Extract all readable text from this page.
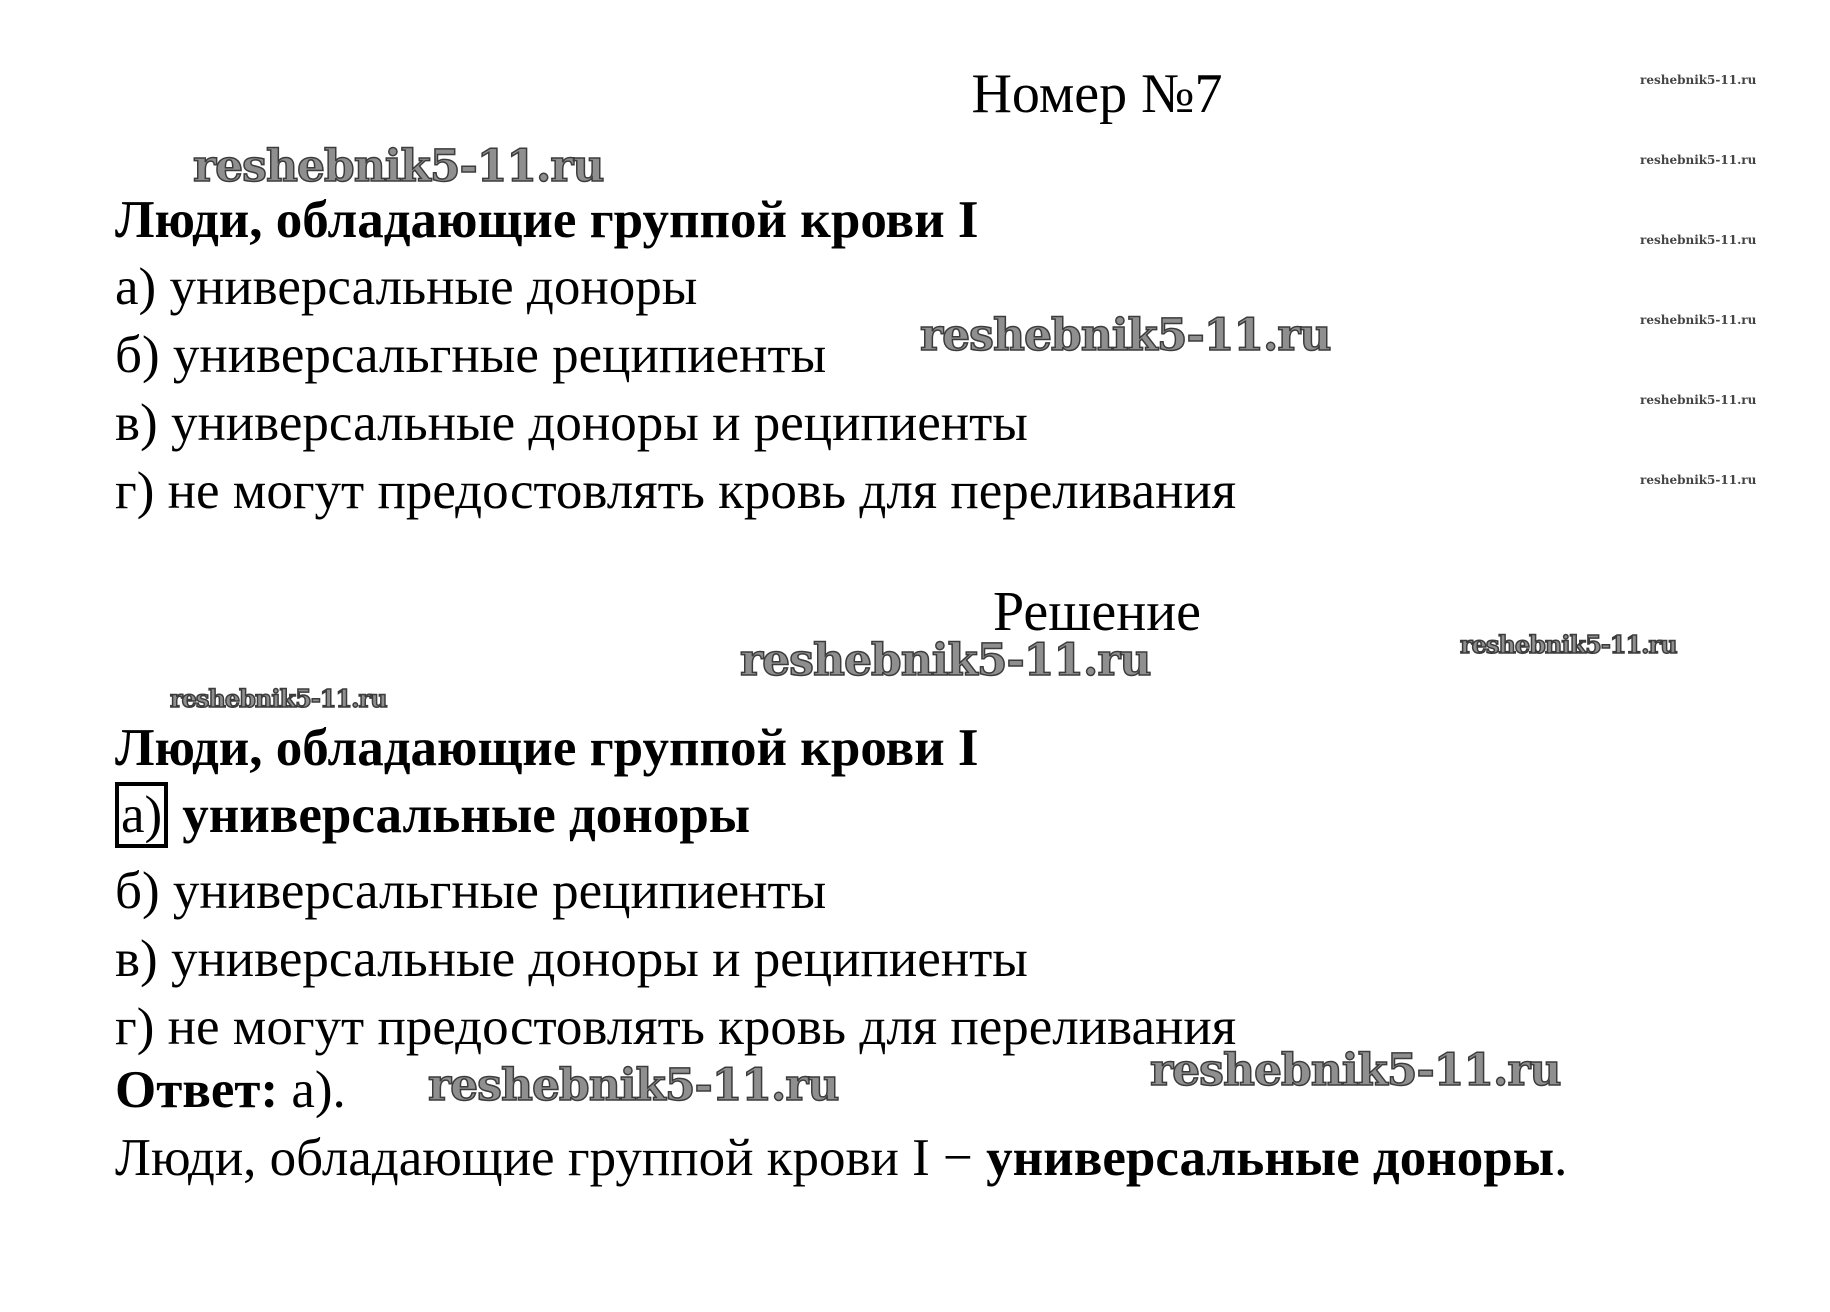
Номер №7

Люди, обладающие группой крови I

а) универсальные доноры

б) универсальгные реципиенты

в) универсальные доноры и реципиенты

г) не могут предостовлять кровь для переливания

Решение

Люди, обладающие группой крови I

а) универсальные доноры

б) универсальгные реципиенты

в) универсальные доноры и реципиенты

г) не могут предостовлять кровь для переливания

Ответ: а).

Люди, обладающие группой крови I − универсальные доноры.

reshebnik5-11.ru
reshebnik5-11.ru
reshebnik5-11.ru	reshebnik5-11.ru
reshebnik5-11.ru
reshebnik5-11.ru	reshebnik5-11.ru
reshebnik5-11.ru
reshebnik5-11.ru
reshebnik5-11.ru
reshebnik5-11.ru
reshebnik5-11.ru
reshebnik5-11.ru
